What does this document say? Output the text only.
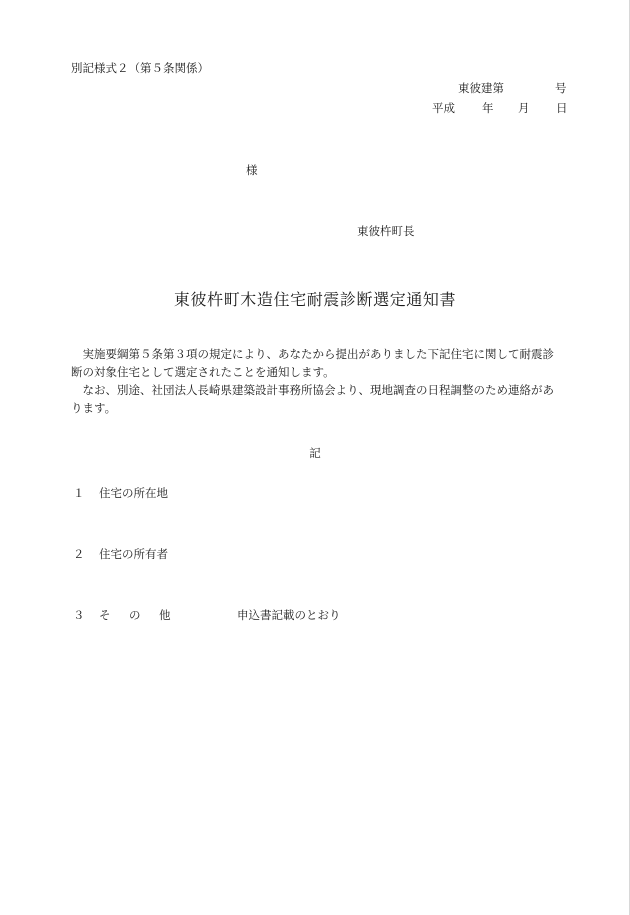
別記様式２（第５条関係）
東彼建第	号
平成 年 月 日
様
東彼杵町長
東彼杵町木造住宅耐震診断選定通知書
実施要綱第５条第３項の規定により、あなたから提出がありました下記住宅に関して耐震診断の対象住宅として選定されたことを通知します。
なお、別途、社団法人長崎県建築設計事務所協会より、現地調査の日程調整のため連絡があります。
記
１ 住宅の所在地
２ 住宅の所有者
３ そ の 他	申込書記載のとおり
